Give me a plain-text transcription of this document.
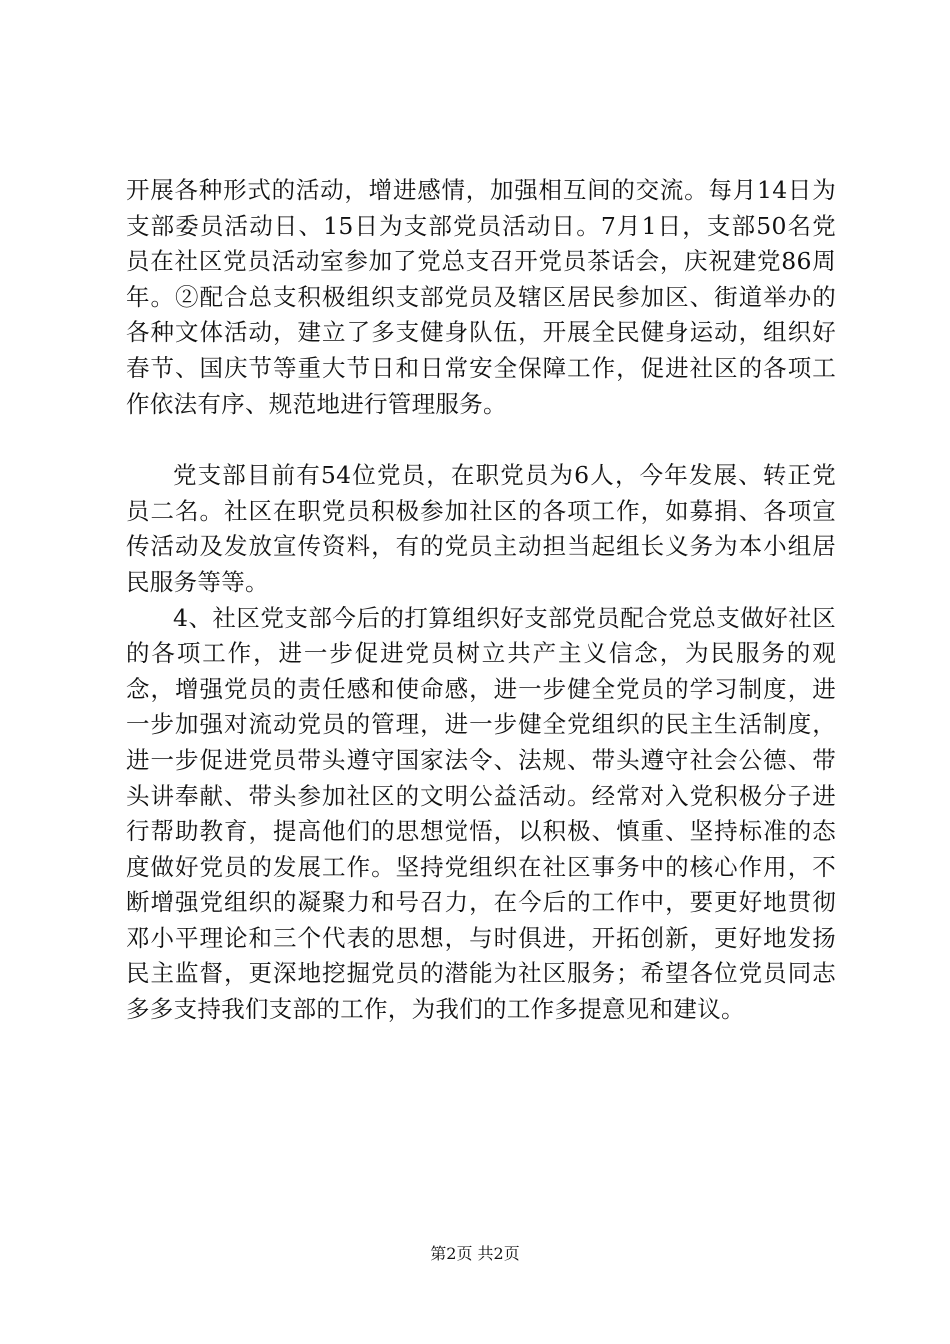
开展各种形式的活动，增进感情，加强相互间的交流。每月14日为支部委员活动日、15日为支部党员活动日。7月1日，支部50名党员在社区党员活动室参加了党总支召开党员茶话会，庆祝建党86周年。②配合总支积极组织支部党员及辖区居民参加区、街道举办的各种文体活动，建立了多支健身队伍，开展全民健身运动，组织好春节、国庆节等重大节日和日常安全保障工作，促进社区的各项工作依法有序、规范地进行管理服务。

党支部目前有54位党员，在职党员为6人，今年发展、转正党员二名。社区在职党员积极参加社区的各项工作，如募捐、各项宣传活动及发放宣传资料，有的党员主动担当起组长义务为本小组居民服务等等。

4、社区党支部今后的打算组织好支部党员配合党总支做好社区的各项工作，进一步促进党员树立共产主义信念，为民服务的观念，增强党员的责任感和使命感，进一步健全党员的学习制度，进一步加强对流动党员的管理，进一步健全党组织的民主生活制度，进一步促进党员带头遵守国家法令、法规、带头遵守社会公德、带头讲奉献、带头参加社区的文明公益活动。经常对入党积极分子进行帮助教育，提高他们的思想觉悟，以积极、慎重、坚持标准的态度做好党员的发展工作。坚持党组织在社区事务中的核心作用，不断增强党组织的凝聚力和号召力，在今后的工作中，要更好地贯彻邓小平理论和三个代表的思想，与时俱进，开拓创新，更好地发扬民主监督，更深地挖掘党员的潜能为社区服务；希望各位党员同志多多支持我们支部的工作，为我们的工作多提意见和建议。

第2页 共2页
